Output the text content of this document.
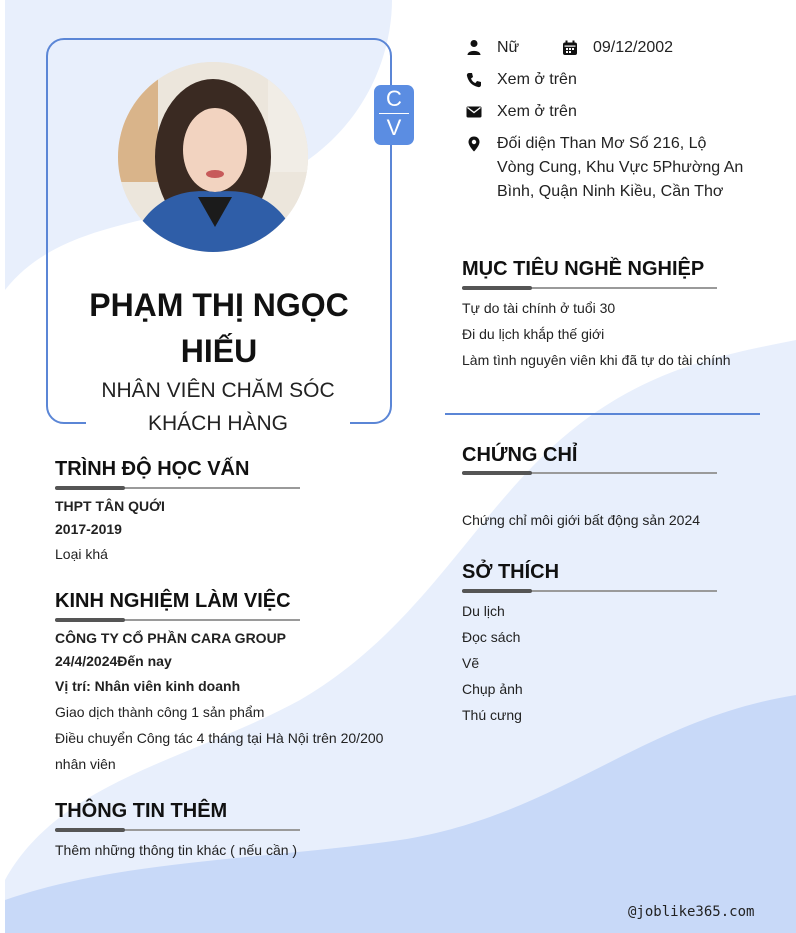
PHẠM THỊ NGỌC
HIẾU
NHÂN VIÊN CHĂM SÓC
KHÁCH HÀNG
C
V
Nữ	09/12/2002
Xem ở trên
Xem ở trên
Đối diện Than Mơ Số 216, Lộ Vòng Cung, Khu Vực 5Phường An Bình, Quận Ninh Kiều, Cần Thơ
TRÌNH ĐỘ HỌC VẤN
THPT TÂN QUỚI
2017-2019
Loại khá
KINH NGHIỆM LÀM VIỆC
CÔNG TY CỔ PHẦN CARA GROUP
24/4/2024Đến nay
Vị trí: Nhân viên kinh doanh
Giao dịch thành công 1 sản phẩm
Điều chuyển Công tác 4 tháng tại Hà Nội trên 20/200
nhân viên
THÔNG TIN THÊM
Thêm những thông tin khác ( nếu cần )
MỤC TIÊU NGHỀ NGHIỆP
Tự do tài chính ở tuổi 30
Đi du lịch khắp thế giới
Làm tình nguyên viên khi đã tự do tài chính
CHỨNG CHỈ
Chứng chỉ môi giới bất động sản 2024
SỞ THÍCH
Du lịch
Đọc sách
Vẽ
Chụp ảnh
Thú cưng
@joblike365.com
